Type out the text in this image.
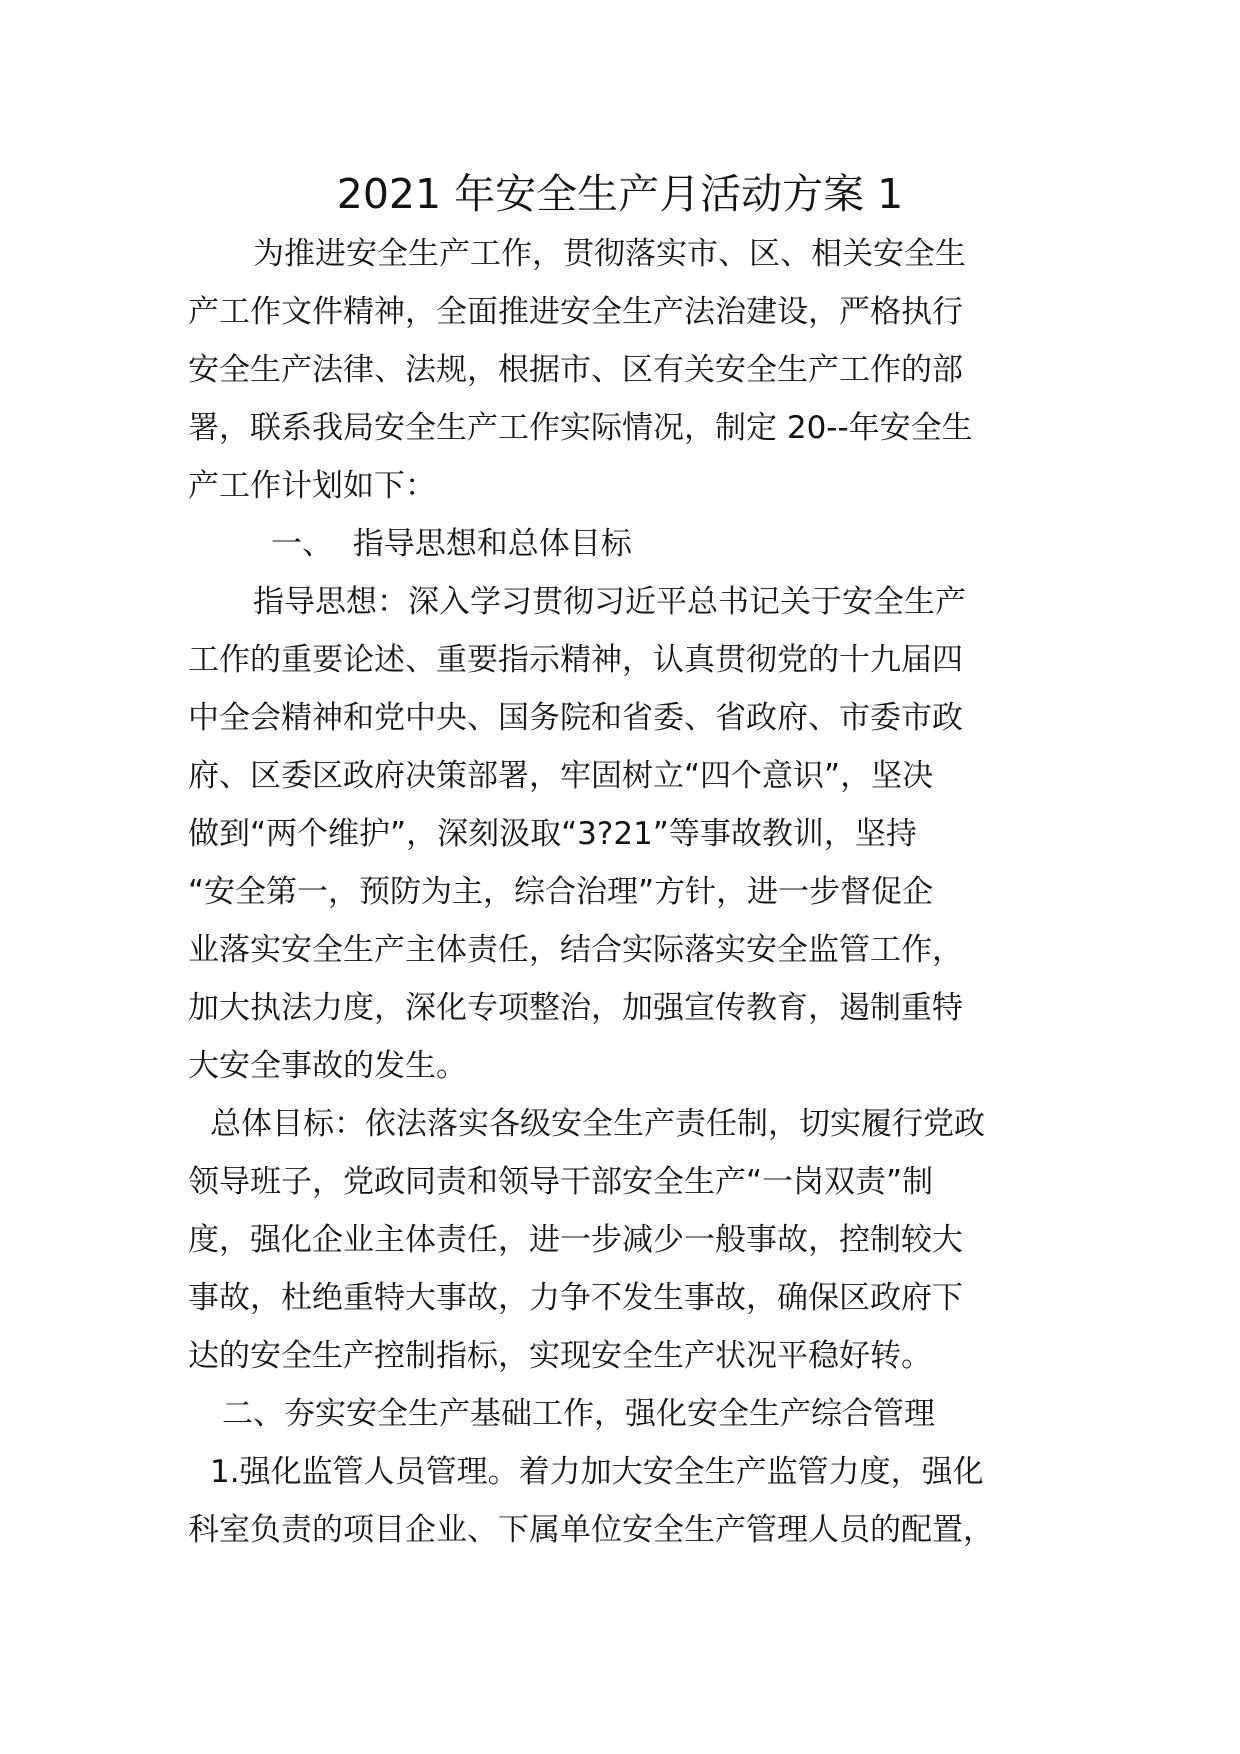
2021 年安全生产月活动方案 1
为推进安全生产工作，贯彻落实市、区、相关安全生
产工作文件精神，全面推进安全生产法治建设，严格执行
安全生产法律、法规，根据市、区有关安全生产工作的部
署，联系我局安全生产工作实际情况，制定 20--年安全生
产工作计划如下：
一、  指导思想和总体目标
指导思想：深入学习贯彻习近平总书记关于安全生产
工作的重要论述、重要指示精神，认真贯彻党的十九届四
中全会精神和党中央、国务院和省委、省政府、市委市政
府、区委区政府决策部署，牢固树立“四个意识”，坚决
做到“两个维护”，深刻汲取“3?21”等事故教训，坚持
“安全第一，预防为主，综合治理”方针，进一步督促企
业落实安全生产主体责任，结合实际落实安全监管工作，
加大执法力度，深化专项整治，加强宣传教育，遏制重特
大安全事故的发生。
总体目标：依法落实各级安全生产责任制，切实履行党政
领导班子，党政同责和领导干部安全生产“一岗双责”制
度，强化企业主体责任，进一步减少一般事故，控制较大
事故，杜绝重特大事故，力争不发生事故，确保区政府下
达的安全生产控制指标，实现安全生产状况平稳好转。
二、夯实安全生产基础工作，强化安全生产综合管理
1.强化监管人员管理。着力加大安全生产监管力度，强化
科室负责的项目企业、下属单位安全生产管理人员的配置，
